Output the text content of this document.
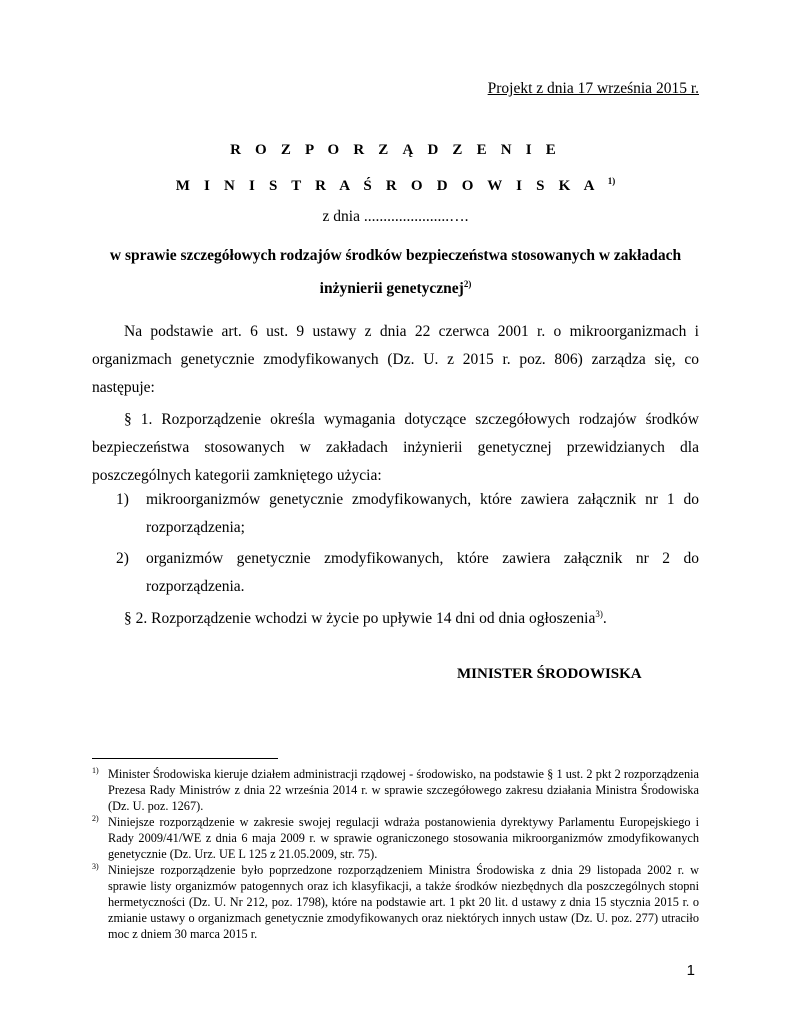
Projekt z dnia 17 września 2015 r.
R O Z P O R Z Ą D Z E N I E
M I N I S T R A Ś R O D O W I S K A $^{1)}$
z dnia ......................….
w sprawie szczegółowych rodzajów środków bezpieczeństwa stosowanych w zakładach
inżynierii genetycznej$^{2)}$
Na podstawie art. 6 ust. 9 ustawy z dnia 22 czerwca 2001 r. o mikroorganizmach i organizmach genetycznie zmodyfikowanych (Dz. U. z 2015 r. poz. 806) zarządza się, co następuje:
§ 1. Rozporządzenie określa wymagania dotyczące szczegółowych rodzajów środków bezpieczeństwa stosowanych w zakładach inżynierii genetycznej przewidzianych dla poszczególnych kategorii zamkniętego użycia:
1) mikroorganizmów genetycznie zmodyfikowanych, które zawiera załącznik nr 1 do rozporządzenia;
2) organizmów genetycznie zmodyfikowanych, które zawiera załącznik nr 2 do rozporządzenia.
§ 2. Rozporządzenie wchodzi w życie po upływie 14 dni od dnia ogłoszenia$^{3)}$.
MINISTER ŚRODOWISKA
1) Minister Środowiska kieruje działem administracji rządowej - środowisko, na podstawie § 1 ust. 2 pkt 2 rozporządzenia Prezesa Rady Ministrów z dnia 22 września 2014 r. w sprawie szczegółowego zakresu działania Ministra Środowiska (Dz. U. poz. 1267).
2) Niniejsze rozporządzenie w zakresie swojej regulacji wdraża postanowienia dyrektywy Parlamentu Europejskiego i Rady 2009/41/WE z dnia 6 maja 2009 r. w sprawie ograniczonego stosowania mikroorganizmów zmodyfikowanych genetycznie (Dz. Urz. UE L 125 z 21.05.2009, str. 75).
3) Niniejsze rozporządzenie było poprzedzone rozporządzeniem Ministra Środowiska z dnia 29 listopada 2002 r. w sprawie listy organizmów patogennych oraz ich klasyfikacji, a także środków niezbędnych dla poszczególnych stopni hermetyczności (Dz. U. Nr 212, poz. 1798), które na podstawie art. 1 pkt 20 lit. d ustawy z dnia 15 stycznia 2015 r. o zmianie ustawy o organizmach genetycznie zmodyfikowanych oraz niektórych innych ustaw (Dz. U. poz. 277) utraciło moc z dniem 30 marca 2015 r.
1
